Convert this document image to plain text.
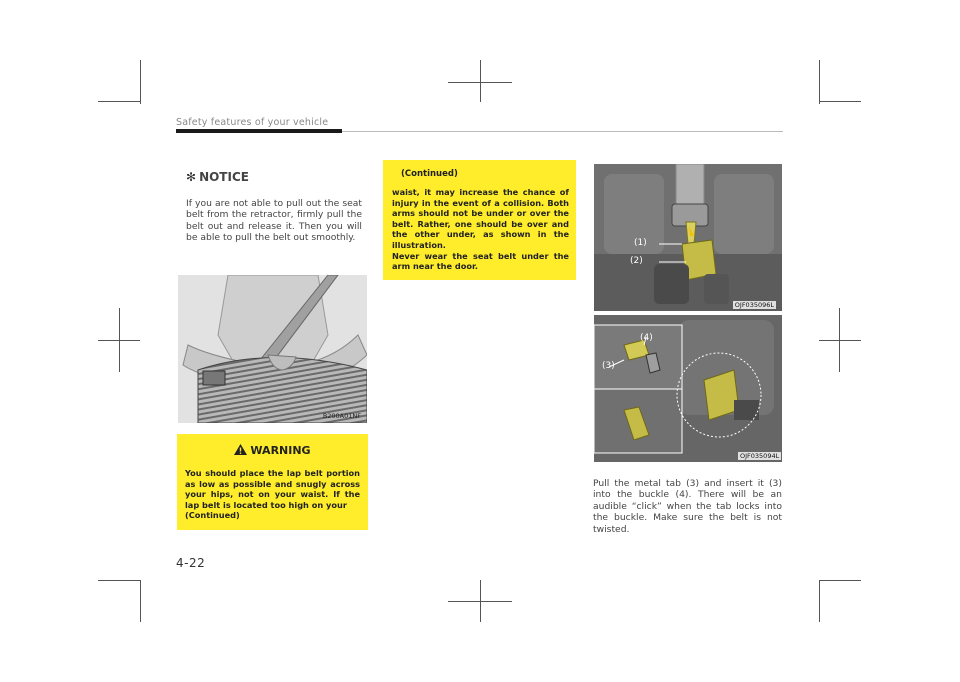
Safety features of your vehicle
✻ NOTICE
If you are not able to pull out the seat belt from the retractor, firmly pull the belt out and release it. Then you will be able to pull the belt out smoothly.
B200A01NF
WARNING
You should place the lap belt portion as low as possible and snugly across your hips, not on your waist. If the lap belt is located too high on your
(Continued)
(Continued)
waist, it may increase the chance of injury in the event of a collision. Both arms should not be under or over the belt. Rather, one should be over and the other under, as shown in the illustration.
Never wear the seat belt under the arm near the door.
(1)
(2)
OJF035096L
(3)
(4)
OJF035094L
Pull the metal tab (3) and insert it (3) into the buckle (4). There will be an audible “click” when the tab locks into the buckle. Make sure the belt is not twisted.
4-22
